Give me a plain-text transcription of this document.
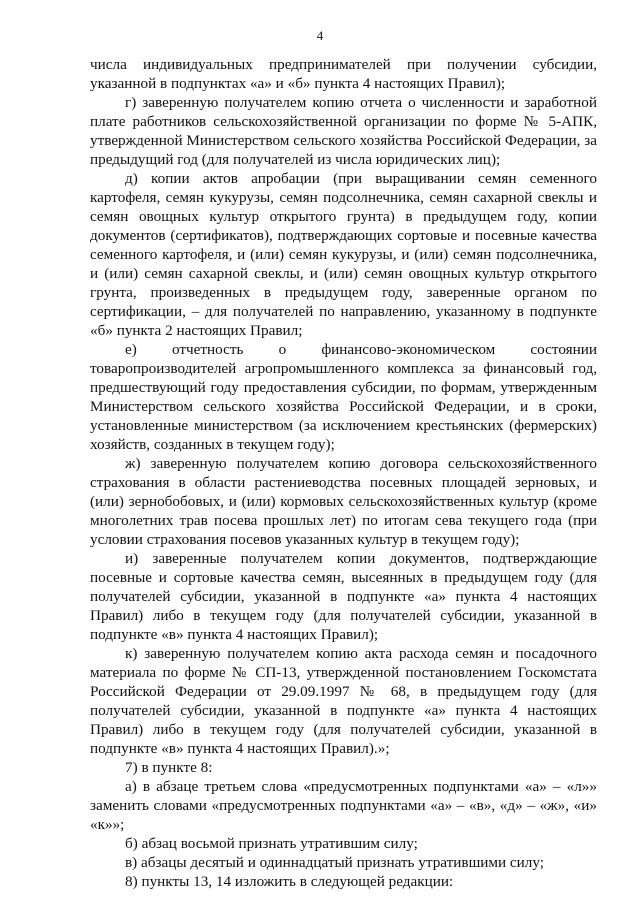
4

числа индивидуальных предпринимателей при получении субсидии, указанной в подпунктах «а» и «б» пункта 4 настоящих Правил);

г) заверенную получателем копию отчета о численности и заработной плате работников сельскохозяйственной организации по форме № 5-АПК, утвержденной Министерством сельского хозяйства Российской Федерации, за предыдущий год (для получателей из числа юридических лиц);

д) копии актов апробации (при выращивании семян семенного картофеля, семян кукурузы, семян подсолнечника, семян сахарной свеклы и семян овощных культур открытого грунта) в предыдущем году, копии документов (сертификатов), подтверждающих сортовые и посевные качества семенного картофеля, и (или) семян кукурузы, и (или) семян подсолнечника, и (или) семян сахарной свеклы, и (или) семян овощных культур открытого грунта, произведенных в предыдущем году, заверенные органом по сертификации, – для получателей по направлению, указанному в подпункте «б» пункта 2 настоящих Правил;

е) отчетность о финансово-экономическом состоянии товаропроизводителей агропромышленного комплекса за финансовый год, предшествующий году предоставления субсидии, по формам, утвержденным Министерством сельского хозяйства Российской Федерации, и в сроки, установленные министерством (за исключением крестьянских (фермерских) хозяйств, созданных в текущем году);

ж) заверенную получателем копию договора сельскохозяйственного страхования в области растениеводства посевных площадей зерновых, и (или) зернобобовых, и (или) кормовых сельскохозяйственных культур (кроме многолетних трав посева прошлых лет) по итогам сева текущего года (при условии страхования посевов указанных культур в текущем году);

и) заверенные получателем копии документов, подтверждающие посевные и сортовые качества семян, высеянных в предыдущем году (для получателей субсидии, указанной в подпункте «а» пункта 4 настоящих Правил) либо в текущем году (для получателей субсидии, указанной в подпункте «в» пункта 4 настоящих Правил);

к) заверенную получателем копию акта расхода семян и посадочного материала по форме № СП-13, утвержденной постановлением Госкомстата Российской Федерации от 29.09.1997 № 68, в предыдущем году (для получателей субсидии, указанной в подпункте «а» пункта 4 настоящих Правил) либо в текущем году (для получателей субсидии, указанной в подпункте «в» пункта 4 настоящих Правил).»;

7) в пункте 8:

а) в абзаце третьем слова «предусмотренных подпунктами «а» – «л»» заменить словами «предусмотренных подпунктами «а» – «в», «д» – «ж», «и» «к»»;

б) абзац восьмой признать утратившим силу;

в) абзацы десятый и одиннадцатый признать утратившими силу;

8) пункты 13, 14 изложить в следующей редакции:
